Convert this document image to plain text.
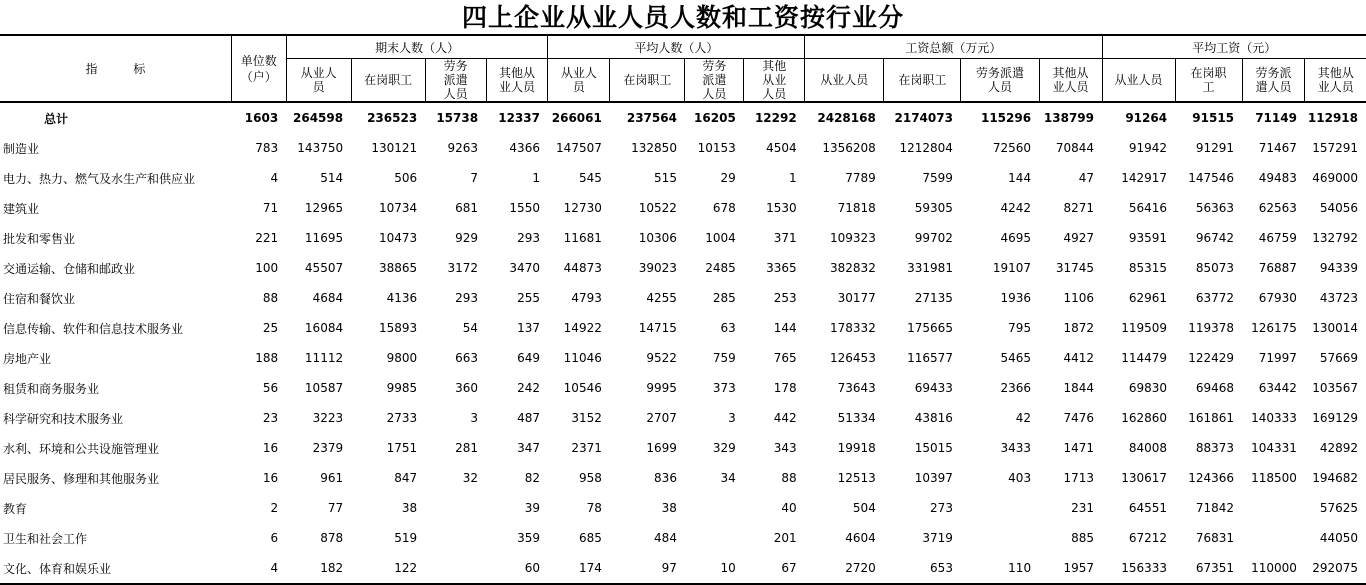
四上企业从业人员人数和工资按行业分
指 标	单位数（户）	期末人数（人）				平均人数（人）				工资总额（万元）				平均工资（元）			
		从业人员	在岗职工	劳务派遣人员	其他从业人员	从业人员	在岗职工	劳务派遣人员	其他从业人员	从业人员	在岗职工	劳务派遣人员	其他从业人员	从业人员	在岗职工	劳务派遣人员	其他从业人员
总计	1603	264598	236523	15738	12337	266061	237564	16205	12292	2428168	2174073	115296	138799	91264	91515	71149	112918
制造业	783	143750	130121	9263	4366	147507	132850	10153	4504	1356208	1212804	72560	70844	91942	91291	71467	157291
电力、热力、燃气及水生产和供应业	4	514	506	7	1	545	515	29	1	7789	7599	144	47	142917	147546	49483	469000
建筑业	71	12965	10734	681	1550	12730	10522	678	1530	71818	59305	4242	8271	56416	56363	62563	54056
批发和零售业	221	11695	10473	929	293	11681	10306	1004	371	109323	99702	4695	4927	93591	96742	46759	132792
交通运输、仓储和邮政业	100	45507	38865	3172	3470	44873	39023	2485	3365	382832	331981	19107	31745	85315	85073	76887	94339
住宿和餐饮业	88	4684	4136	293	255	4793	4255	285	253	30177	27135	1936	1106	62961	63772	67930	43723
信息传输、软件和信息技术服务业	25	16084	15893	54	137	14922	14715	63	144	178332	175665	795	1872	119509	119378	126175	130014
房地产业	188	11112	9800	663	649	11046	9522	759	765	126453	116577	5465	4412	114479	122429	71997	57669
租赁和商务服务业	56	10587	9985	360	242	10546	9995	373	178	73643	69433	2366	1844	69830	69468	63442	103567
科学研究和技术服务业	23	3223	2733	3	487	3152	2707	3	442	51334	43816	42	7476	162860	161861	140333	169129
水利、环境和公共设施管理业	16	2379	1751	281	347	2371	1699	329	343	19918	15015	3433	1471	84008	88373	104331	42892
居民服务、修理和其他服务业	16	961	847	32	82	958	836	34	88	12513	10397	403	1713	130617	124366	118500	194682
教育	2	77	38		39	78	38		40	504	273		231	64551	71842		57625
卫生和社会工作	6	878	519		359	685	484		201	4604	3719		885	67212	76831		44050
文化、体育和娱乐业	4	182	122		60	174	97	10	67	2720	653	110	1957	156333	67351	110000	292075
